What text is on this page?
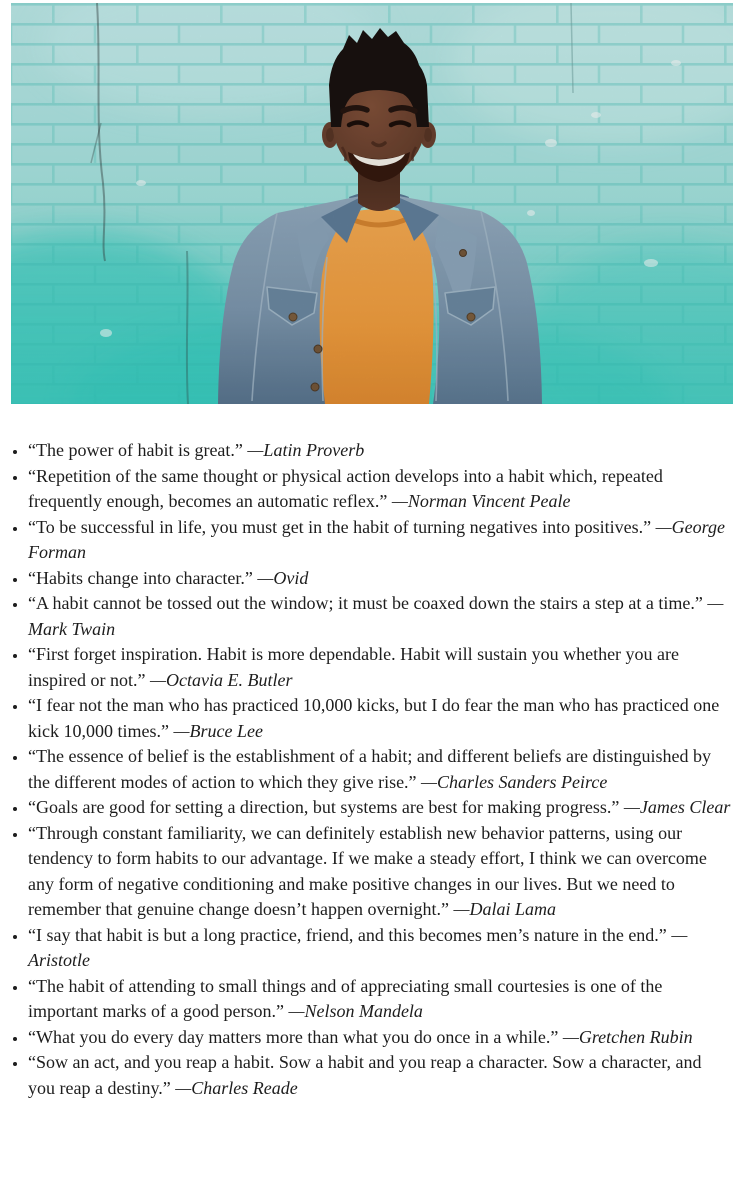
• “The power of habit is great.” —Latin Proverb
• “Repetition of the same thought or physical action develops into a habit which, repeated frequently enough, becomes an automatic reflex.” —Norman Vincent Peale
• “To be successful in life, you must get in the habit of turning negatives into positives.” —George Forman
• “Habits change into character.” —Ovid
• “A habit cannot be tossed out the window; it must be coaxed down the stairs a step at a time.” —Mark Twain
• “First forget inspiration. Habit is more dependable. Habit will sustain you whether you are inspired or not.” —Octavia E. Butler
• “I fear not the man who has practiced 10,000 kicks, but I do fear the man who has practiced one kick 10,000 times.” —Bruce Lee
• “The essence of belief is the establishment of a habit; and different beliefs are distinguished by the different modes of action to which they give rise.” —Charles Sanders Peirce
• “Goals are good for setting a direction, but systems are best for making progress.” —James Clear
• “Through constant familiarity, we can definitely establish new behavior patterns, using our tendency to form habits to our advantage. If we make a steady effort, I think we can overcome any form of negative conditioning and make positive changes in our lives. But we need to remember that genuine change doesn’t happen overnight.” —Dalai Lama
• “I say that habit is but a long practice, friend, and this becomes men’s nature in the end.” —Aristotle
• “The habit of attending to small things and of appreciating small courtesies is one of the important marks of a good person.” —Nelson Mandela
• “What you do every day matters more than what you do once in a while.” —Gretchen Rubin
• “Sow an act, and you reap a habit. Sow a habit and you reap a character. Sow a character, and you reap a destiny.” —Charles Reade
